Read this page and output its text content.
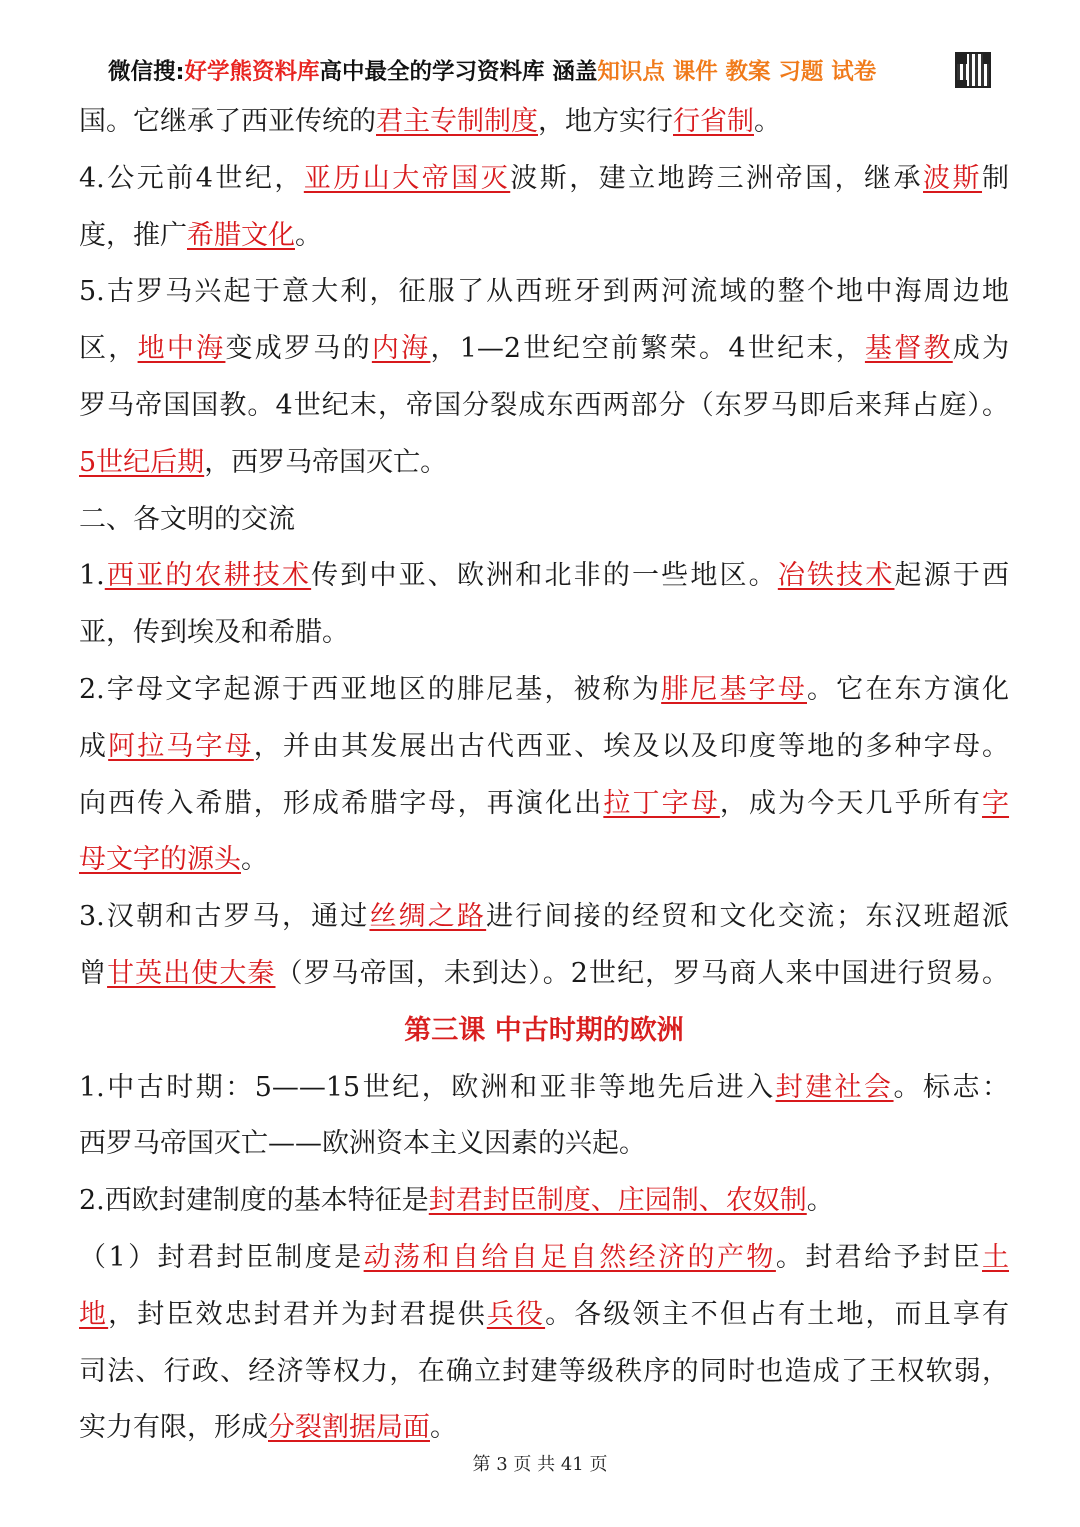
微信搜: 好学熊资料库 高中最全的学习资料库 涵盖 知识点 课件 教案 习题 试卷
国。它继承了西亚传统的君主专制制度，地方实行行省制。
4.公元前4世纪，亚历山大帝国灭波斯，建立地跨三洲帝国，继承波斯制
度，推广希腊文化。
5.古罗马兴起于意大利，征服了从西班牙到两河流域的整个地中海周边地
区，地中海变成罗马的内海，1—2世纪空前繁荣。4世纪末，基督教成为
罗马帝国国教。4世纪末，帝国分裂成东西两部分（东罗马即后来拜占庭）。
5世纪后期，西罗马帝国灭亡。
二、各文明的交流
1.西亚的农耕技术传到中亚、欧洲和北非的一些地区。冶铁技术起源于西
亚，传到埃及和希腊。
2.字母文字起源于西亚地区的腓尼基，被称为腓尼基字母。它在东方演化
成阿拉马字母，并由其发展出古代西亚、埃及以及印度等地的多种字母。
向西传入希腊，形成希腊字母，再演化出拉丁字母，成为今天几乎所有字
母文字的源头。
3.汉朝和古罗马，通过丝绸之路进行间接的经贸和文化交流；东汉班超派
曾甘英出使大秦（罗马帝国，未到达）。2世纪，罗马商人来中国进行贸易。
第三课 中古时期的欧洲
1.中古时期：5——15世纪，欧洲和亚非等地先后进入封建社会。标志：
西罗马帝国灭亡——欧洲资本主义因素的兴起。
2.西欧封建制度的基本特征是封君封臣制度、庄园制、农奴制。
（1）封君封臣制度是动荡和自给自足自然经济的产物。封君给予封臣土
地，封臣效忠封君并为封君提供兵役。各级领主不但占有土地，而且享有
司法、行政、经济等权力，在确立封建等级秩序的同时也造成了王权软弱，
实力有限，形成分裂割据局面。
第 3 页 共 41 页
